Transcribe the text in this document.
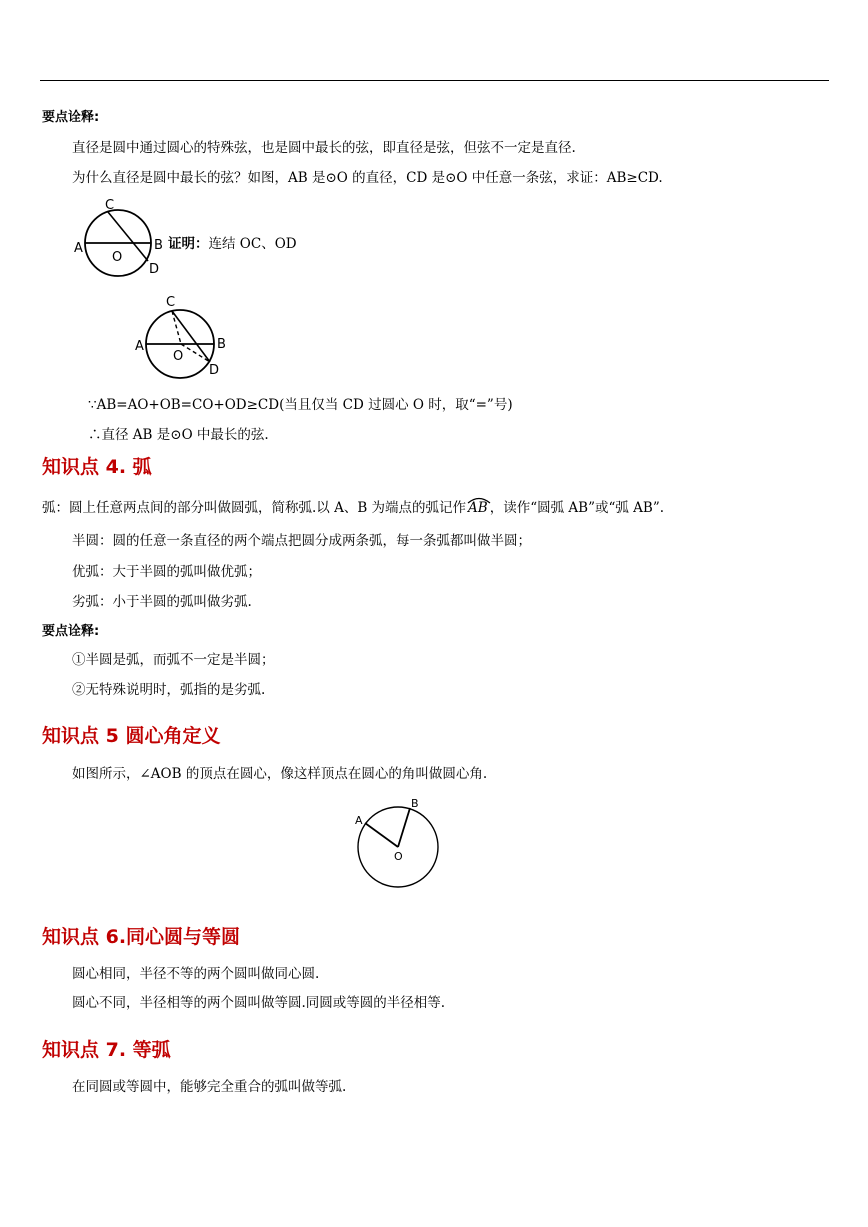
要点诠释:
直径是圆中通过圆心的特殊弦，也是圆中最长的弦，即直径是弦，但弦不一定是直径.
为什么直径是圆中最长的弦？如图，AB 是⊙O 的直径，CD 是⊙O 中任意一条弦，求证：AB≥CD.
C
A	B
O
D
证明：连结 OC、OD
C
A	B
O
D
∵AB=AO+OB=CO+OD≥CD(当且仅当 CD 过圆心 O 时，取“=”号)
∴直径 AB 是⊙O 中最长的弦.
知识点 4. 弧
弧：圆上任意两点间的部分叫做圆弧，简称弧.以 A、B 为端点的弧记作 AB ，读作“圆弧 AB”或“弧 AB”.
半圆：圆的任意一条直径的两个端点把圆分成两条弧，每一条弧都叫做半圆；
优弧：大于半圆的弧叫做优弧；
劣弧：小于半圆的弧叫做劣弧.
要点诠释:
①半圆是弧，而弧不一定是半圆；
②无特殊说明时，弧指的是劣弧.
知识点 5 圆心角定义
如图所示，∠AOB 的顶点在圆心，像这样顶点在圆心的角叫做圆心角.
A
B
O
知识点 6.同心圆与等圆
圆心相同，半径不等的两个圆叫做同心圆.
圆心不同，半径相等的两个圆叫做等圆.同圆或等圆的半径相等.
知识点 7. 等弧
在同圆或等圆中，能够完全重合的弧叫做等弧.
